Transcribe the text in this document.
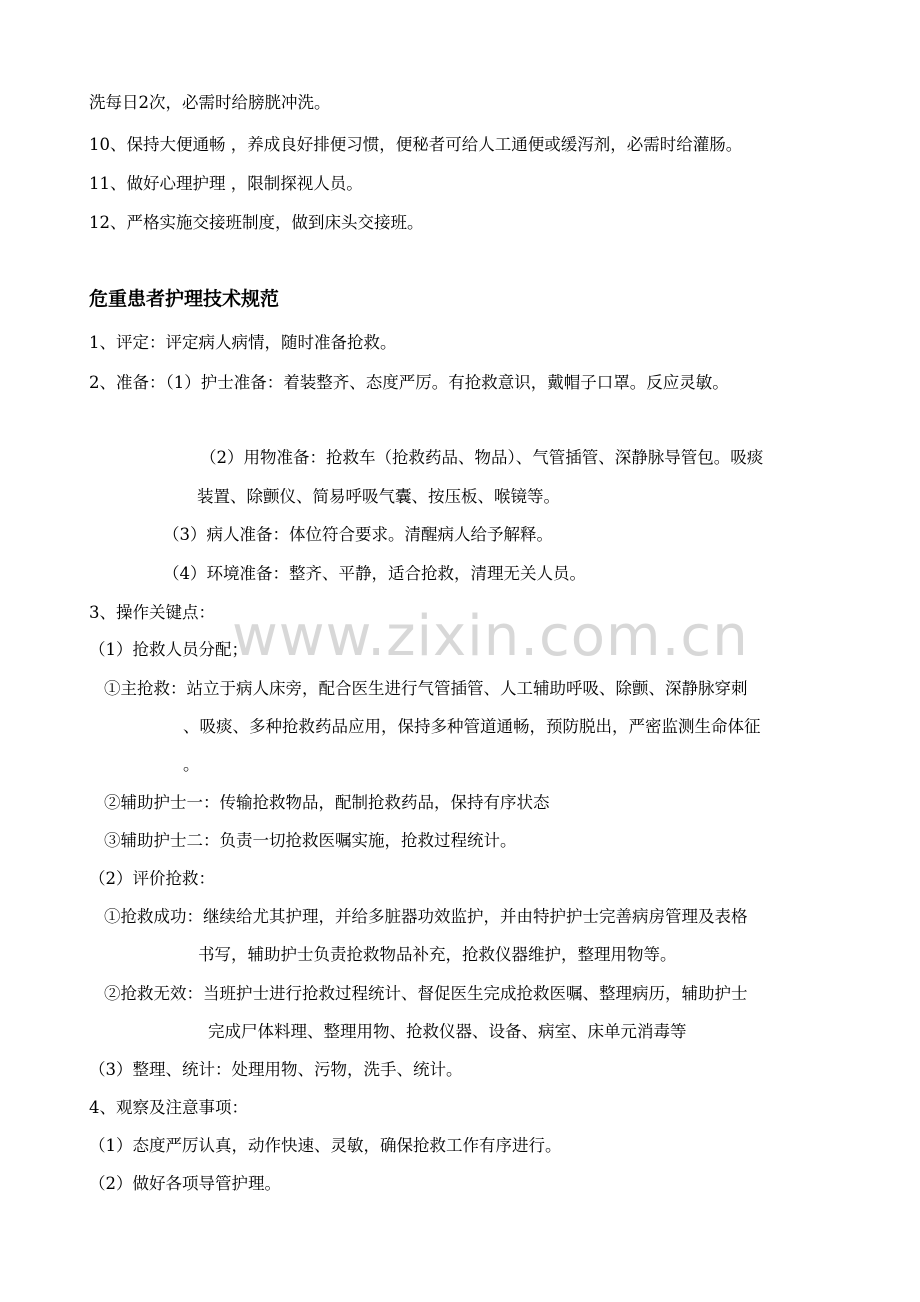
www.zixin.com.cn
洗每日2次，必需时给膀胱冲洗。
10、保持大便通畅 ，养成良好排便习惯，便秘者可给人工通便或缓泻剂，必需时给灌肠。
11、做好心理护理 ，限制探视人员。
12、严格实施交接班制度，做到床头交接班。
危重患者护理技术规范
1、评定：评定病人病情，随时准备抢救。
2、准备：（1）护士准备：着装整齐、态度严厉。有抢救意识，戴帽子口罩。反应灵敏。
（2）用物准备：抢救车（抢救药品、物品）、气管插管、深静脉导管包。吸痰
装置、除颤仪、简易呼吸气囊、按压板、喉镜等。
（3）病人准备：体位符合要求。清醒病人给予解释。
（4）环境准备：整齐、平静，适合抢救，清理无关人员。
3、操作关键点：
（1）抢救人员分配；
①主抢救：站立于病人床旁，配合医生进行气管插管、人工辅助呼吸、除颤、深静脉穿刺
、吸痰、多种抢救药品应用，保持多种管道通畅，预防脱出，严密监测生命体征
。
②辅助护士一：传输抢救物品，配制抢救药品，保持有序状态
③辅助护士二：负责一切抢救医嘱实施，抢救过程统计。
（2）评价抢救：
①抢救成功：继续给尤其护理，并给多脏器功效监护，并由特护护士完善病房管理及表格
书写，辅助护士负责抢救物品补充，抢救仪器维护，整理用物等。
②抢救无效：当班护士进行抢救过程统计、督促医生完成抢救医嘱、整理病历，辅助护士
完成尸体料理、整理用物、抢救仪器、设备、病室、床单元消毒等
（3）整理、统计：处理用物、污物，洗手、统计。
4、观察及注意事项：
（1）态度严厉认真，动作快速、灵敏，确保抢救工作有序进行。
（2）做好各项导管护理。
